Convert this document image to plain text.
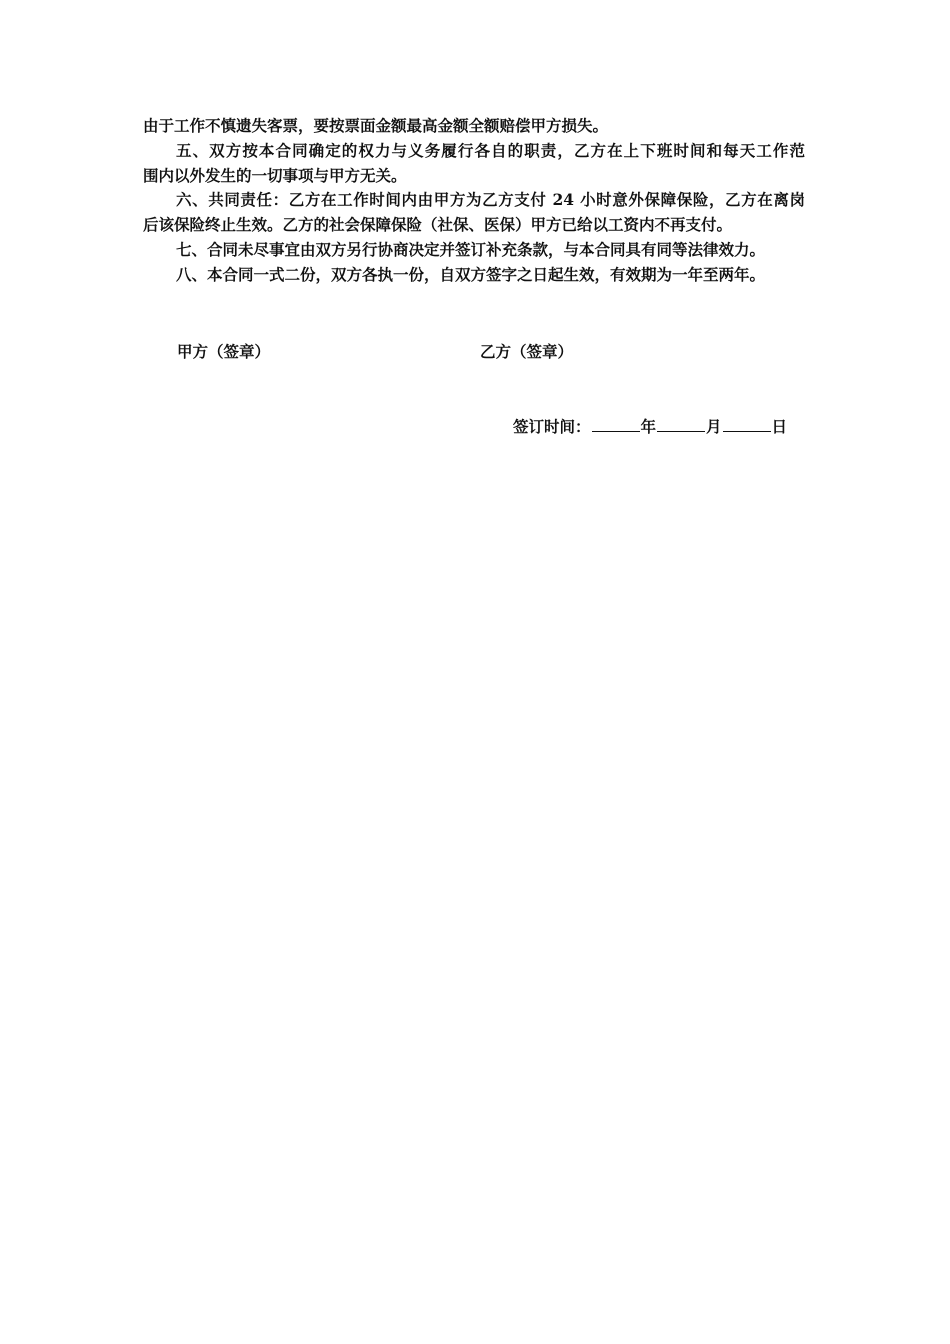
由于工作不慎遗失客票，要按票面金额最高金额全额赔偿甲方损失。
五、双方按本合同确定的权力与义务履行各自的职责，乙方在上下班时间和每天工作范
围内以外发生的一切事项与甲方无关。
六、共同责任：乙方在工作时间内由甲方为乙方支付 24 小时意外保障保险，乙方在离岗
后该保险终止生效。乙方的社会保障保险（社保、医保）甲方已给以工资内不再支付。
七、合同未尽事宜由双方另行协商决定并签订补充条款，与本合同具有同等法律效力。
八、本合同一式二份，双方各执一份，自双方签字之日起生效，有效期为一年至两年。
甲方（签章）	乙方（签章）
签订时间：	年	月	日
